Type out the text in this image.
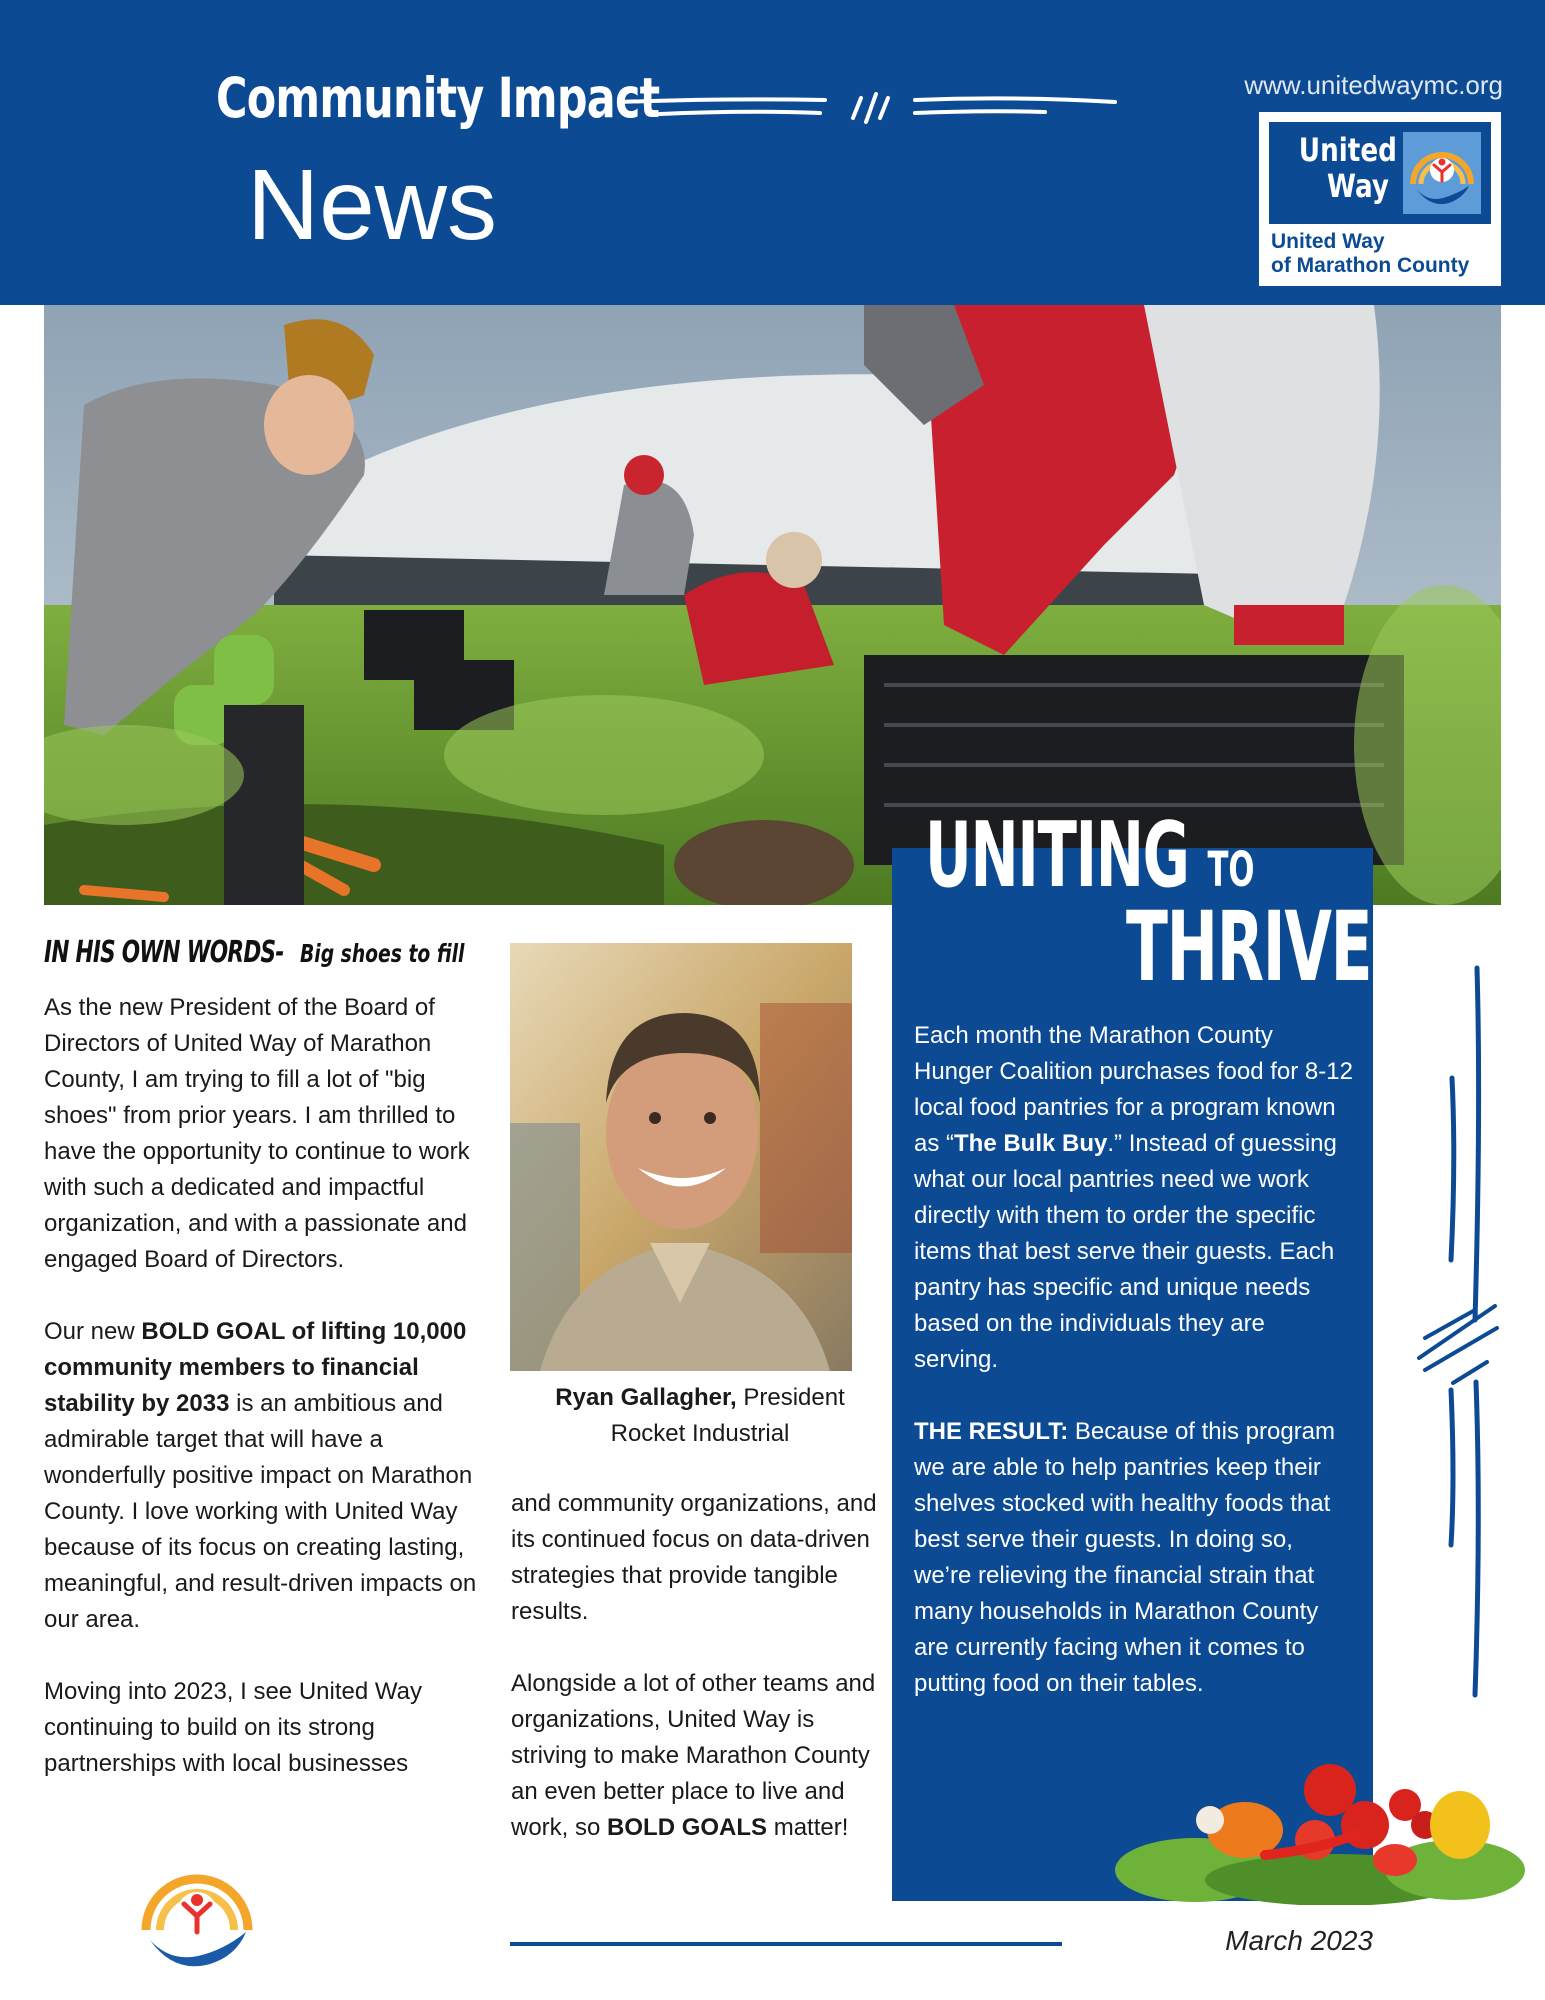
Community Impact
News
www.unitedwaymc.org
United
Way
United Way
of Marathon County
IN HIS OWN WORDS- Big shoes to fill

As the new President of the Board of Directors of United Way of Marathon County, I am trying to fill a lot of "big shoes" from prior years. I am thrilled to have the opportunity to continue to work with such a dedicated and impactful organization, and with a passionate and engaged Board of Directors.

Our new BOLD GOAL of lifting 10,000 community members to financial stability by 2033 is an ambitious and admirable target that will have a wonderfully positive impact on Marathon County. I love working with United Way because of its focus on creating lasting, meaningful, and result-driven impacts on our area.

Moving into 2023, I see United Way continuing to build on its strong partnerships with local businesses

Ryan Gallagher, President
Rocket Industrial

and community organizations, and its continued focus on data-driven strategies that provide tangible results.

Alongside a lot of other teams and organizations, United Way is striving to make Marathon County an even better place to live and work, so BOLD GOALS matter!

UNITING TO
THRIVE

Each month the Marathon County Hunger Coalition purchases food for 8-12 local food pantries for a program known as “The Bulk Buy.” Instead of guessing what our local pantries need we work directly with them to order the specific items that best serve their guests. Each pantry has specific and unique needs based on the individuals they are serving.

THE RESULT: Because of this program we are able to help pantries keep their shelves stocked with healthy foods that best serve their guests. In doing so, we’re relieving the financial strain that many households in Marathon County are currently facing when it comes to putting food on their tables.

March 2023
